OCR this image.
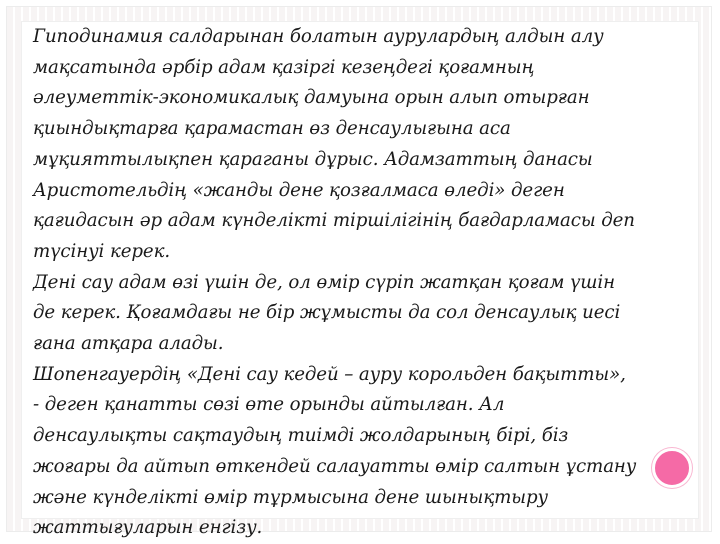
Гиподинамия салдарынан болатын аурулардың алдын алу
мақсатында әрбір адам қазіргі кезеңдегі қоғамның
әлеуметтік-экономикалық дамуына орын алып отырған
қиындықтарға қарамастан өз денсаулығына аса
мұқияттылықпен қараганы дұрыс. Адамзаттың данасы
Аристотельдің «жанды дене қозғалмаса өледі» деген
қағидасын әр адам күнделікті тіршілігінің бағдарламасы деп
түсінуі керек.
Дені сау адам өзі үшін де, ол өмір сүріп жатқан қоғам үшін
де керек. Қоғамдағы не бір жұмысты да сол денсаулық иесі
ғана атқара алады.
Шопенгауердің «Дені сау кедей – ауру корольден бақытты»,
- деген қанатты сөзі өте орынды айтылған. Ал
денсаулықты сақтаудың тиімді жолдарының бірі, біз
жоғары да айтып өткендей салауатты өмір салтын ұстану
және күнделікті өмір тұрмысына дене шынықтыру
жаттығуларын енгізу.
